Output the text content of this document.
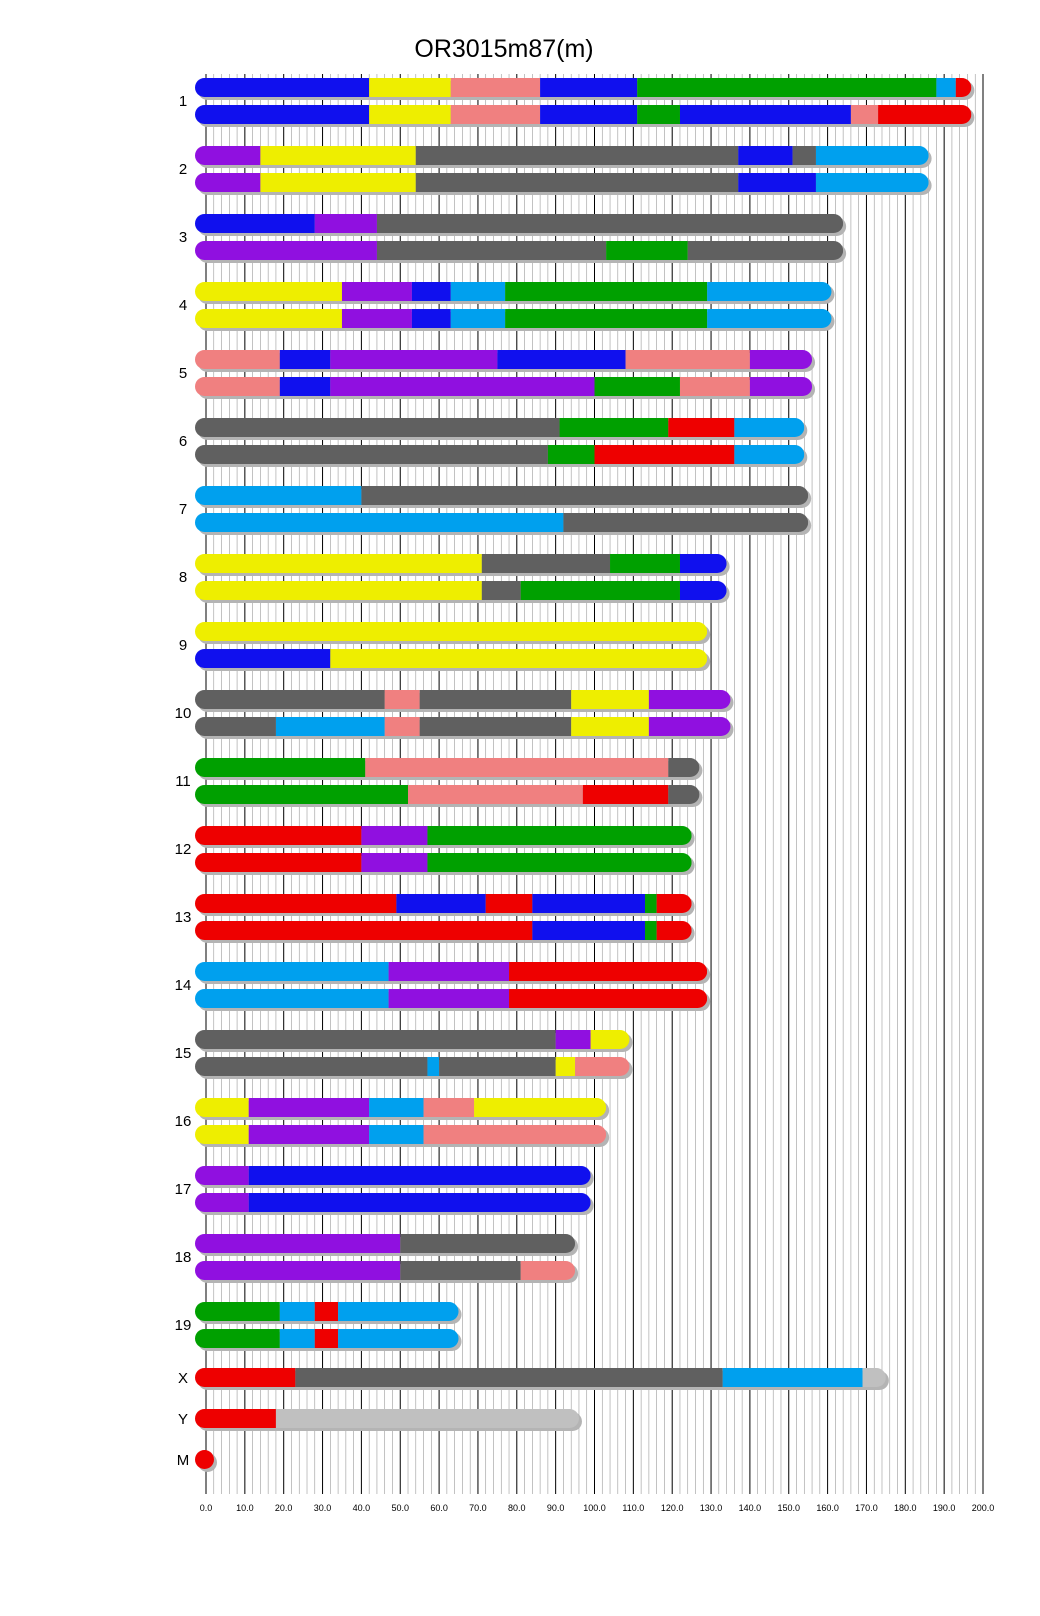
1
2
3
4
5
6
7
8
9
10
11
12
13
14
15
16
17
18
19
X
Y
M
0.0	10.0 20.0 30.0 40.0 50.0 60.0 70.0 80.0 90.0 100.0 110.0 120.0 130.0 140.0 150.0 160.0 170.0 180.0 190.0 200.0
OR3015m87(m)
